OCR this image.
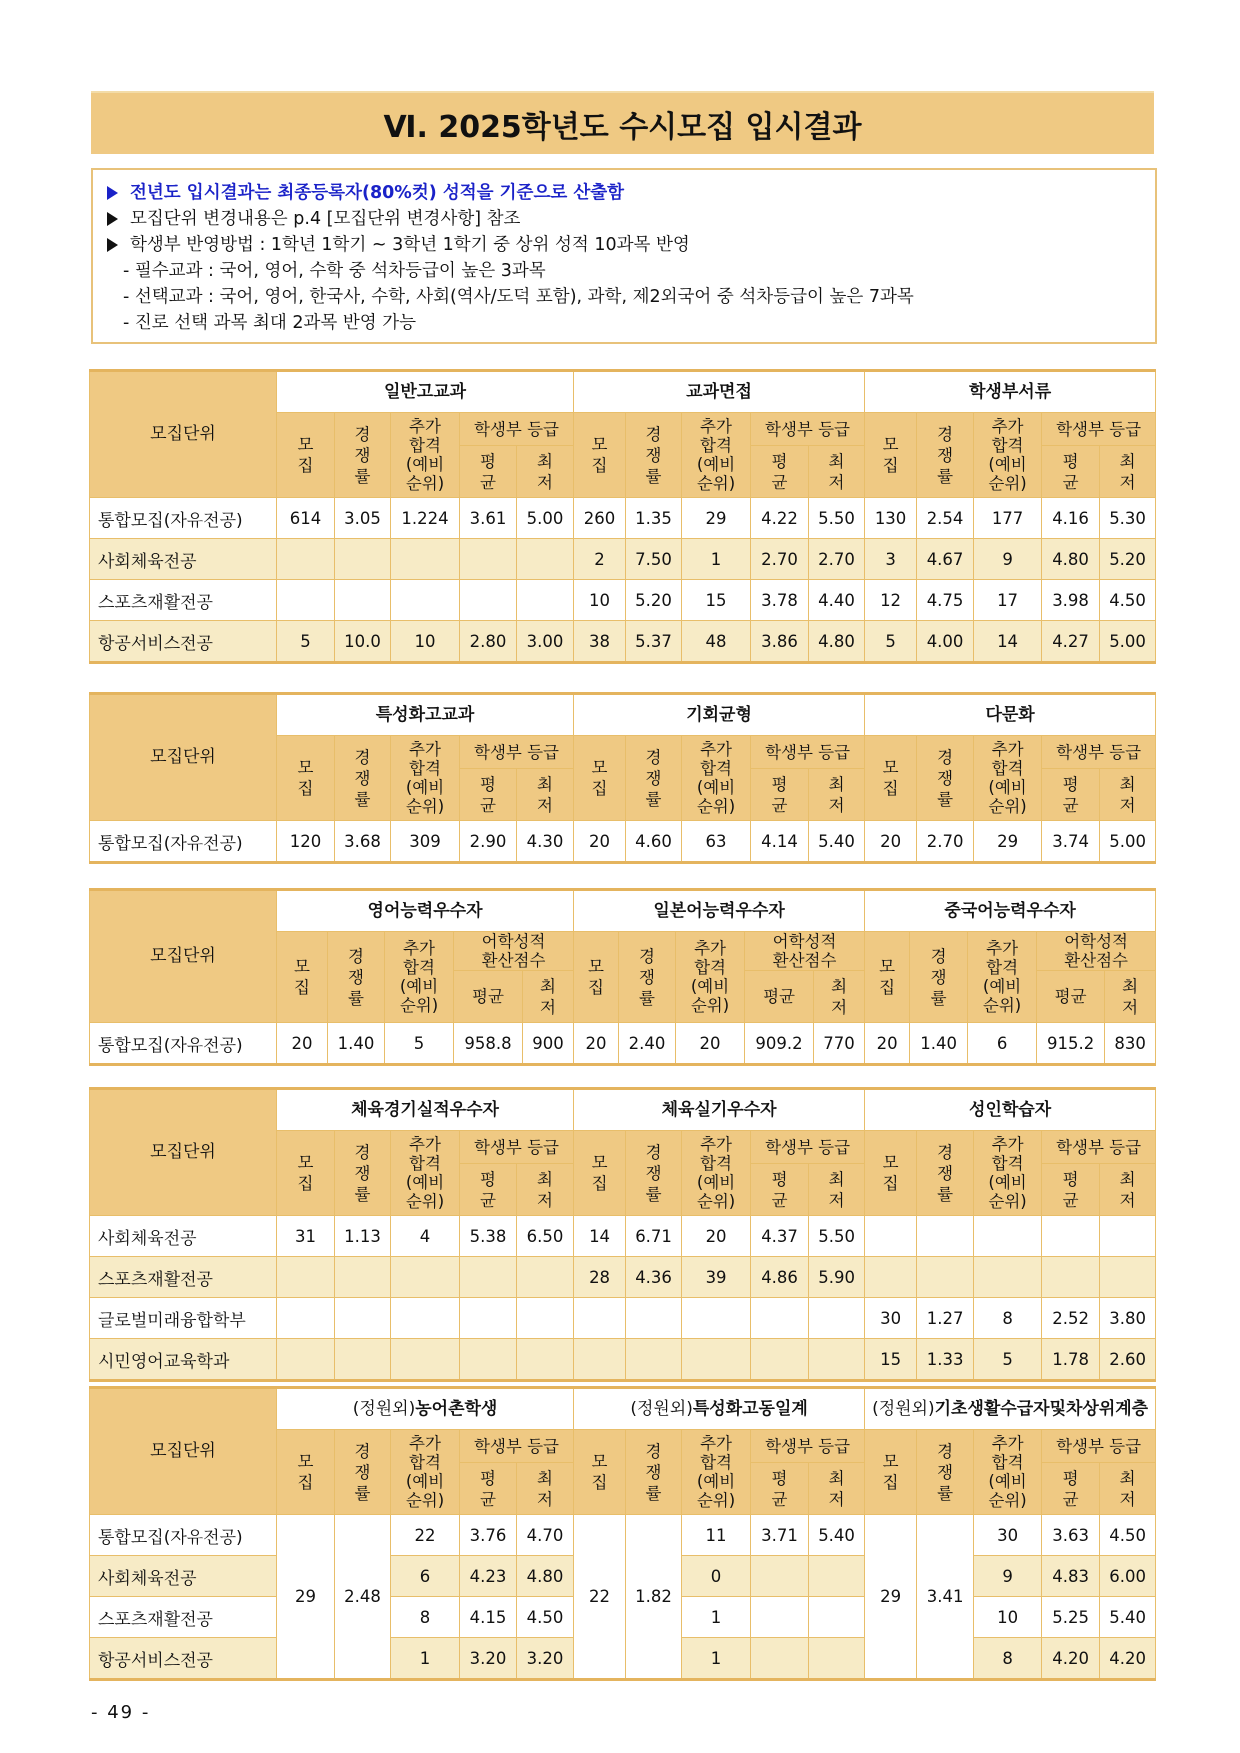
Ⅵ. 2025학년도 수시모집 입시결과
전년도 입시결과는 최종등록자(80%컷) 성적을 기준으로 산출함
모집단위 변경내용은 p.4 [모집단위 변경사항] 참조
학생부 반영방법 : 1학년 1학기 ~ 3학년 1학기 중 상위 성적 10과목 반영
- 필수교과 : 국어, 영어, 수학 중 석차등급이 높은 3과목
- 선택교과 : 국어, 영어, 한국사, 수학, 사회(역사/도덕 포함), 과학, 제2외국어 중 석차등급이 높은 7과목
- 진로 선택 과목 최대 2과목 반영 가능
모집단위	일반고교과					교과면접					학생부서류				
모집	경쟁률	
추가
합격
(예비
순위)
	학생부 등급	모집	경쟁률	
추가
합격
(예비
순위)
	학생부 등급	모집	경쟁률	
추가
합격
(예비
순위)
	학생부 등급
				평균	최저				평균	최저				평균	최저
통합모집(자유전공)	614	3.05	1.224	3.61	5.00	260	1.35	29	4.22	5.50	130	2.54	177	4.16	5.30
사회체육전공						2	7.50	1	2.70	2.70	3	4.67	9	4.80	5.20
스포츠재활전공						10	5.20	15	3.78	4.40	12	4.75	17	3.98	4.50
항공서비스전공	5	10.0	10	2.80	3.00	38	5.37	48	3.86	4.80	5	4.00	14	4.27	5.00
모집단위	특성화고교과					기회균형					다문화				
모집	경쟁률	
추가
합격
(예비
순위)
	학생부 등급	모집	경쟁률	
추가
합격
(예비
순위)
	학생부 등급	모집	경쟁률	
추가
합격
(예비
순위)
	학생부 등급
				평균	최저				평균	최저				평균	최저
통합모집(자유전공)	120	3.68	309	2.90	4.30	20	4.60	63	4.14	5.40	20	2.70	29	3.74	5.00
모집단위	영어능력우수자					일본어능력우수자					중국어능력우수자				
모집	경쟁률	
추가
합격
(예비
순위)

어학성적
환산점수	모집	경쟁률	
추가
합격
(예비
순위)

어학성적
환산점수	모집	경쟁률	
추가
합격
(예비
순위)

어학성적
환산점수

				평균	최저				평균	최저				평균	최저
통합모집(자유전공)	20	1.40	5	958.8	900	20	2.40	20	909.2	770	20	1.40	6	915.2	830
모집단위	체육경기실적우수자					체육실기우수자					성인학습자				
모집	경쟁률	
추가
합격
(예비
순위)
	학생부 등급	모집	경쟁률	
추가
합격
(예비
순위)
	학생부 등급	모집	경쟁률	
추가
합격
(예비
순위)
	학생부 등급
				평균	최저				평균	최저				평균	최저
사회체육전공	31	1.13	4	5.38	6.50	14	6.71	20	4.37	5.50					
스포츠재활전공						28	4.36	39	4.86	5.90					
글로벌미래융합학부											30	1.27	8	2.52	3.80
시민영어교육학과											15	1.33	5	1.78	2.60
모집단위	(정원외)농어촌학생					(정원외)특성화고동일계					(정원외)기초생활수급자및차상위계층				
모집	경쟁률	
추가
합격
(예비
순위)
	학생부 등급	모집	경쟁률	
추가
합격
(예비
순위)
	학생부 등급	모집	경쟁률	
추가
합격
(예비
순위)
	학생부 등급
				평균	최저				평균	최저				평균	최저
통합모집(자유전공)	29	2.48	22	3.76	4.70	22	1.82	11	3.71	5.40	29	3.41	30	3.63	4.50
사회체육전공			6	4.23	4.80			0					9	4.83	6.00
스포츠재활전공			8	4.15	4.50			1					10	5.25	5.40
항공서비스전공			1	3.20	3.20			1					8	4.20	4.20
- 49 -
